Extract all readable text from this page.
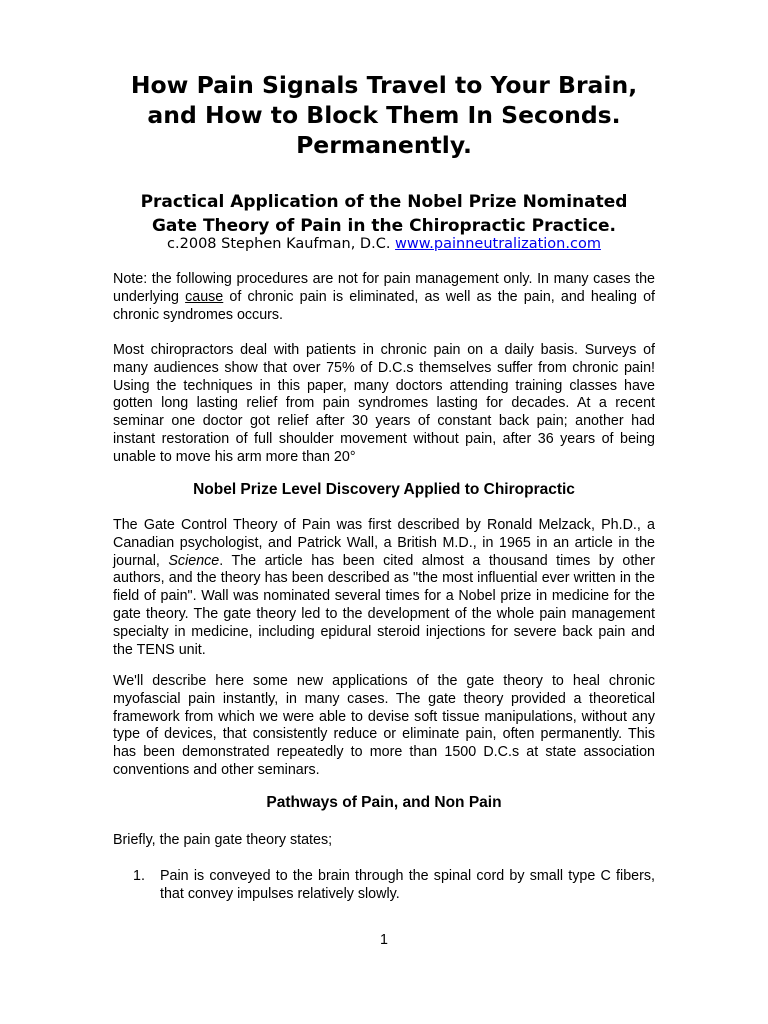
How Pain Signals Travel to Your Brain,
and How to Block Them In Seconds.
Permanently.
Practical Application of the Nobel Prize Nominated
Gate Theory of Pain in the Chiropractic Practice.
c.2008 Stephen Kaufman, D.C. www.painneutralization.com

Note: the following procedures are not for pain management only. In many cases the underlying cause of chronic pain is eliminated, as well as the pain, and healing of chronic syndromes occurs.

Most chiropractors deal with patients in chronic pain on a daily basis. Surveys of many audiences show that over 75% of D.C.s themselves suffer from chronic pain! Using the techniques in this paper, many doctors attending training classes have gotten long lasting relief from pain syndromes lasting for decades. At a recent seminar one doctor got relief after 30 years of constant back pain; another had instant restoration of full shoulder movement without pain, after 36 years of being unable to move his arm more than 20°

Nobel Prize Level Discovery Applied to Chiropractic

The Gate Control Theory of Pain was first described by Ronald Melzack, Ph.D., a Canadian psychologist, and Patrick Wall, a British M.D., in 1965 in an article in the journal, Science. The article has been cited almost a thousand times by other authors, and the theory has been described as "the most influential ever written in the field of pain". Wall was nominated several times for a Nobel prize in medicine for the gate theory. The gate theory led to the development of the whole pain management specialty in medicine, including epidural steroid injections for severe back pain and the TENS unit.

We'll describe here some new applications of the gate theory to heal chronic myofascial pain instantly, in many cases. The gate theory provided a theoretical framework from which we were able to devise soft tissue manipulations, without any type of devices, that consistently reduce or eliminate pain, often permanently. This has been demonstrated repeatedly to more than 1500 D.C.s at state association conventions and other seminars.

Pathways of Pain, and Non Pain

Briefly, the pain gate theory states;

1. Pain is conveyed to the brain through the spinal cord by small type C fibers, that convey impulses relatively slowly.
1
